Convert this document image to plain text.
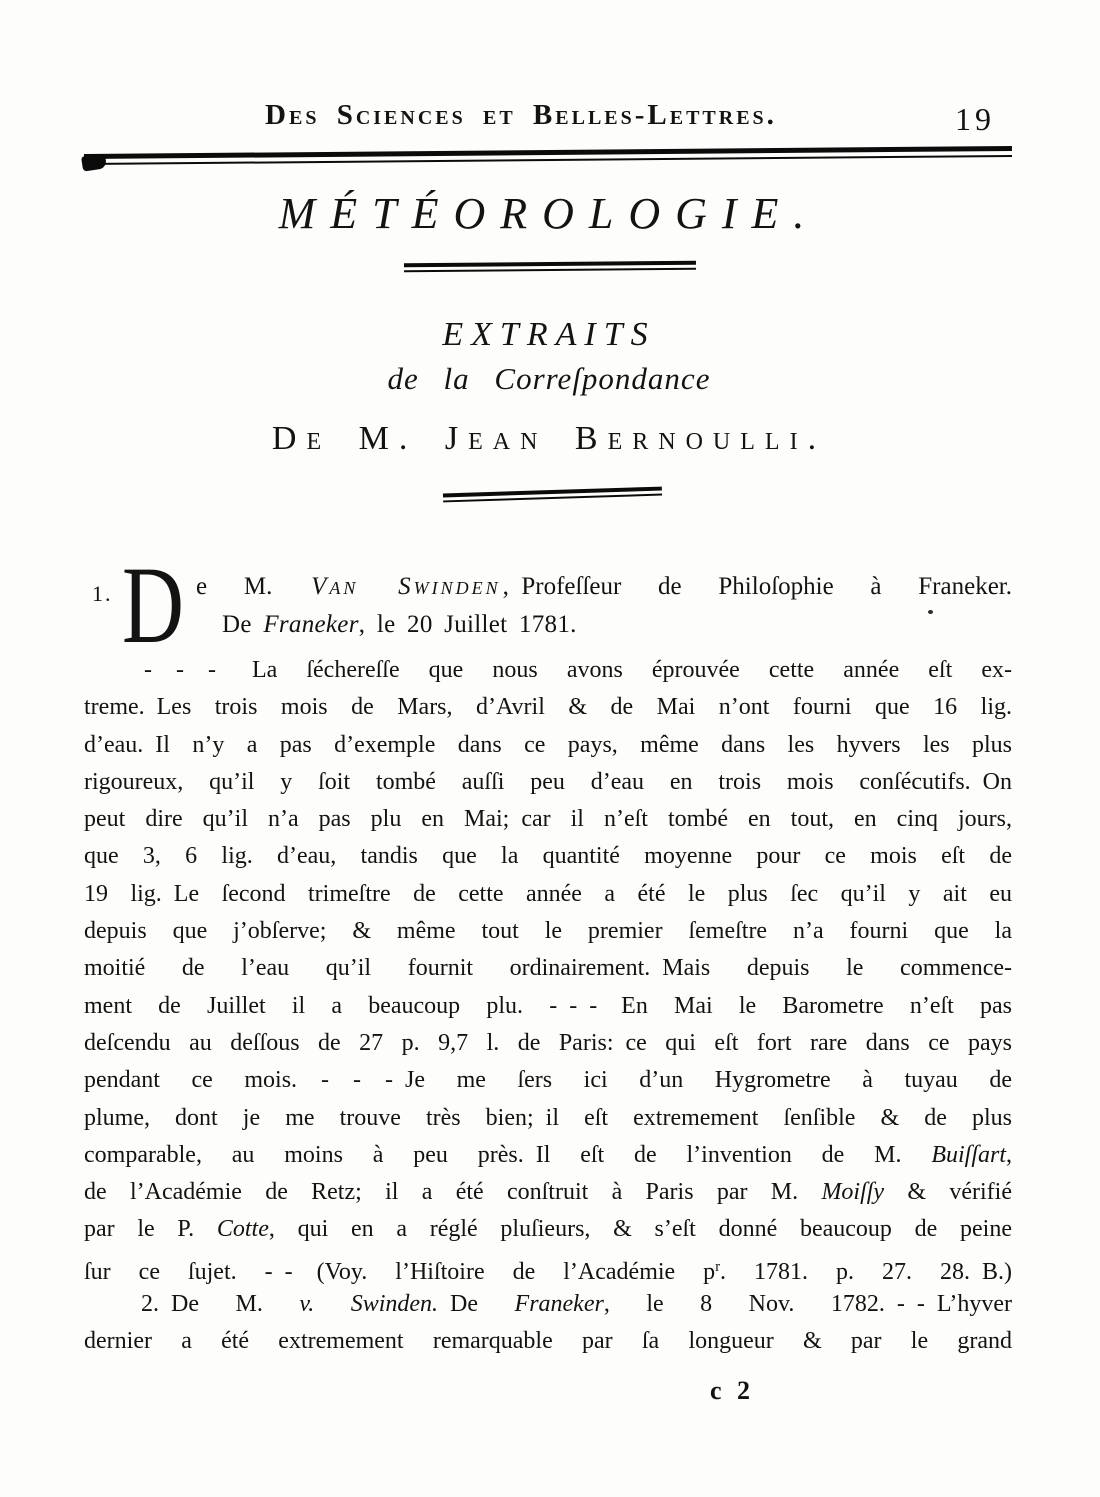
Des Sciences et Belles-Lettres.	19
MÉTÉOROLOGIE.
EXTRAITS
de la Correſpondance
De M. Jean Bernoulli.
1. D e M. Van Swinden, Profeſſeur de Philoſophie à Franeker.
De Franeker, le 20 Juillet 1781.
- - -  La ſéchereſſe que nous avons éprouvée cette année eſt ex-
treme. Les trois mois de Mars, d’Avril & de Mai n’ont fourni que 16 lig.
d’eau. Il n’y a pas d’exemple dans ce pays, même dans les hyvers les plus
rigoureux, qu’il y ſoit tombé auſſi peu d’eau en trois mois conſécutifs. On
peut dire qu’il n’a pas plu en Mai; car il n’eſt tombé en tout, en cinq jours,
que 3, 6 lig. d’eau, tandis que la quantité moyenne pour ce mois eſt de
19 lig. Le ſecond trimeſtre de cette année a été le plus ſec qu’il y ait eu
depuis que j’obſerve; & même tout le premier ſemeſtre n’a fourni que la
moitié de l’eau qu’il fournit ordinairement. Mais depuis le commence-
ment de Juillet il a beaucoup plu. - - - En Mai le Barometre n’eſt pas
deſcendu au deſſous de 27 p. 9,7 l. de Paris: ce qui eſt fort rare dans ce pays
pendant ce mois. - - - Je me ſers ici d’un Hygrometre à tuyau de
plume, dont je me trouve très bien; il eſt extremement ſenſible & de plus
comparable, au moins à peu près. Il eſt de l’invention de M. Buiſſart,
de l’Académie de Retz; il a été conſtruit à Paris par M. Moiſſy & vérifié
par le P. Cotte, qui en a réglé pluſieurs, & s’eſt donné beaucoup de peine
ſur ce ſujet. - - (Voy. l’Hiſtoire de l’Académie $p^r$. 1781. p. 27. 28. B.)
2. De M. v. Swinden. De Franeker, le 8 Nov. 1782. - - L’hyver
dernier a été extremement remarquable par ſa longueur & par le grand
c 2
